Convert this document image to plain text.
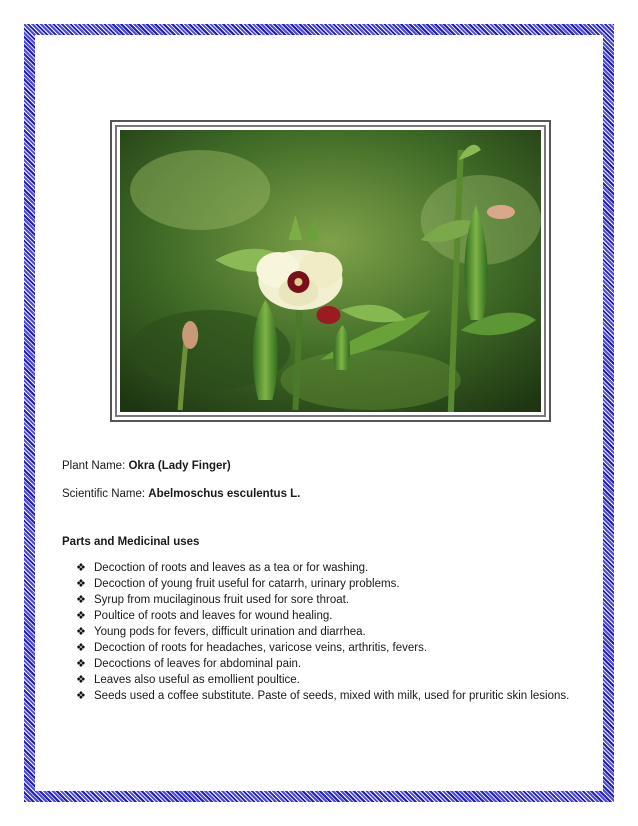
Plant Name: Okra (Lady Finger)

Scientific Name: Abelmoschus esculentus L.

Parts and Medicinal uses
❖ Decoction of roots and leaves as a tea or for washing.
❖ Decoction of young fruit useful for catarrh, urinary problems.
❖ Syrup from mucilaginous fruit used for sore throat.
❖ Poultice of roots and leaves for wound healing.
❖ Young pods for fevers, difficult urination and diarrhea.
❖ Decoction of roots for headaches, varicose veins, arthritis, fevers.
❖ Decoctions of leaves for abdominal pain.
❖ Leaves also useful as emollient poultice.
❖ Seeds used a coffee substitute. Paste of seeds, mixed with milk, used for pruritic skin lesions.
